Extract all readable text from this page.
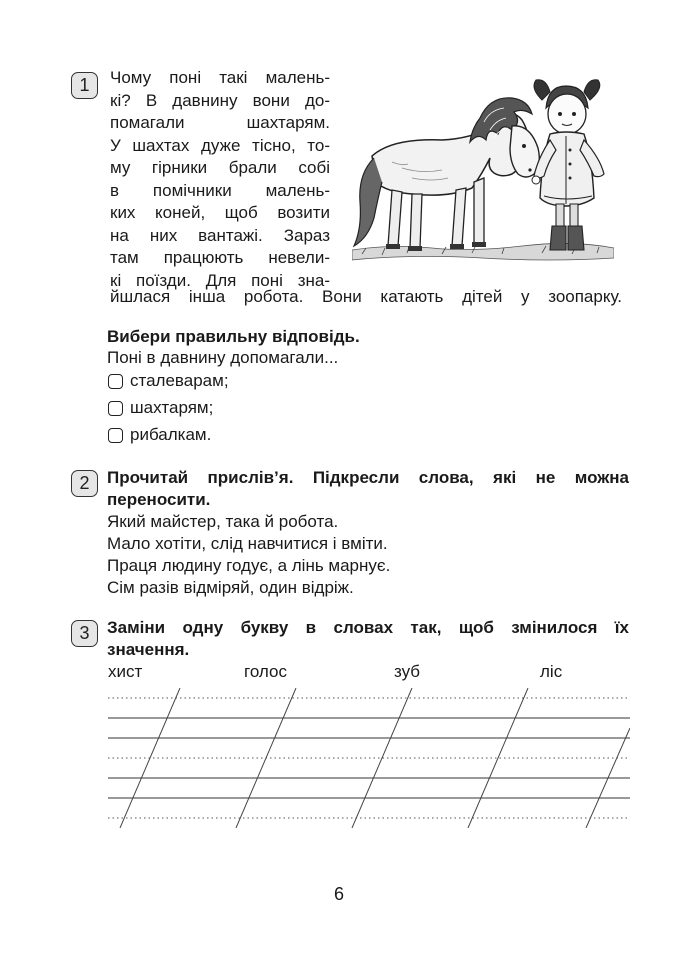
1	Чому поні такі малень-
кі? В давнину вони до-
помагали шахтарям.
У шахтах дуже тісно, то-
му гірники брали собі
в помічники малень-
ких коней, щоб возити
на них вантажі. Зараз
там працюють невели-
кі поїзди. Для поні зна-
йшлася інша робота. Вони катають дітей у зоопарку.
Вибери правильну відповідь.
Поні в давнину допомагали...
сталеварам;
шахтарям;
рибалкам.
2	Прочитай прислів’я. Підкресли слова, які не можна
переносити.
Який майстер, така й робота.
Мало хотіти, слід навчитися і вміти.
Праця людину годує, а лінь марнує.
Сім разів відміряй, один відріж.
3	Заміни одну букву в словах так, щоб змінилося їх
значення.
хист	голос	зуб	ліс
6
